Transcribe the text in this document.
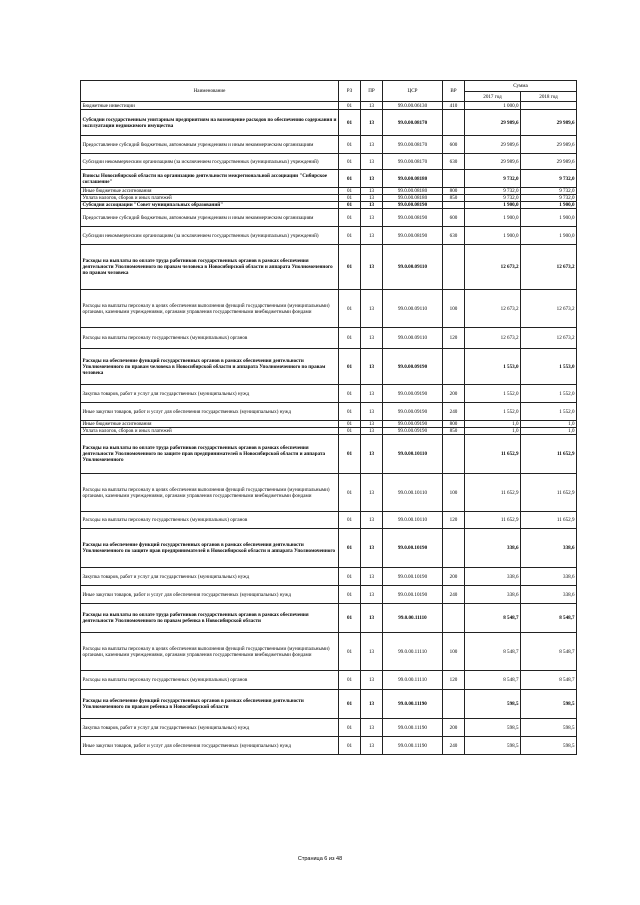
Наименование	РЗ	ПР	ЦСР	ВР	Сумма	
					2017 год	2018 год
Бюджетные инвестиции	01	13	99.0.00.06130	410	1 000,0	
Субсидии государственным унитарным предприятиям на возмещение расходов по обеспечению содержания и эксплуатации недвижимого имущества	01	13	99.0.00.08170		29 989,6	29 989,6
Предоставление субсидий бюджетным, автономным учреждениям и иным некоммерческим организациям	01	13	99.0.00.08170	600	29 989,6	29 989,6
Субсидии некоммерческим организациям (за исключением государственных (муниципальных) учреждений)	01	13	99.0.00.08170	630	29 989,6	29 989,6
Взносы Новосибирской области на организацию деятельности межрегиональной ассоциации "Сибирское соглашение"	01	13	99.0.00.08180		9 732,0	9 732,0
Иные бюджетные ассигнования	01	13	99.0.00.08180	800	9 732,0	9 732,0
Уплата налогов, сборов и иных платежей	01	13	99.0.00.08180	850	9 732,0	9 732,0
Субсидия ассоциации "Совет муниципальных образований"	01	13	99.0.00.08190		1 900,0	1 900,0
Предоставление субсидий бюджетным, автономным учреждениям и иным некоммерческим организациям	01	13	99.0.00.08190	600	1 900,0	1 900,0
Субсидии некоммерческим организациям (за исключением государственных (муниципальных) учреждений)	01	13	99.0.00.08190	630	1 900,0	1 900,0
Расходы на выплаты по оплате труда работников государственных органов в рамках обеспечения деятельности Уполномоченного по правам человека в Новосибирской области и аппарата Уполномоченного по правам человека	01	13	99.0.00.09110		12 673,2	12 673,2
Расходы на выплаты персоналу в целях обеспечения выполнения функций государственными (муниципальными) органами, казенными учреждениями, органами управления государственными внебюджетными фондами	01	13	99.0.00.09110	100	12 673,2	12 673,2
Расходы на выплаты персоналу государственных (муниципальных) органов	01	13	99.0.00.09110	120	12 673,2	12 673,2
Расходы на обеспечение функций государственных органов в рамках обеспечения деятельности Уполномоченного по правам человека в Новосибирской области и аппарата Уполномоченного по правам человека	01	13	99.0.00.09190		1 553,0	1 553,0
Закупка товаров, работ и услуг для государственных (муниципальных) нужд	01	13	99.0.00.09190	200	1 552,0	1 552,0
Иные закупки товаров, работ и услуг для обеспечения государственных (муниципальных) нужд	01	13	99.0.00.09190	240	1 552,0	1 552,0
Иные бюджетные ассигнования	01	13	99.0.00.09190	800	1,0	1,0
Уплата налогов, сборов и иных платежей	01	13	99.0.00.09190	850	1,0	1,0
Расходы на выплаты по оплате труда работников государственных органов в рамках обеспечения деятельности Уполномоченного по защите прав предпринимателей в Новосибирской области и аппарата Уполномоченного	01	13	99.0.00.10110		11 652,9	11 652,9
Расходы на выплаты персоналу в целях обеспечения выполнения функций государственными (муниципальными) органами, казенными учреждениями, органами управления государственными внебюджетными фондами	01	13	99.0.00.10110	100	11 652,9	11 652,9
Расходы на выплаты персоналу государственных (муниципальных) органов	01	13	99.0.00.10110	120	11 652,9	11 652,9
Расходы на обеспечение функций государственных органов в рамках обеспечения деятельности Уполномоченного по защите прав предпринимателей в Новосибирской области и аппарата Уполномоченного	01	13	99.0.00.10190		338,6	338,6
Закупка товаров, работ и услуг для государственных (муниципальных) нужд	01	13	99.0.00.10190	200	338,6	338,6
Иные закупки товаров, работ и услуг для обеспечения государственных (муниципальных) нужд	01	13	99.0.00.10190	240	338,6	338,6
Расходы на выплаты по оплате труда работников государственных органов в рамках обеспечения деятельности Уполномоченного по правам ребенка в Новосибирской области	01	13	99.0.00.11110		8 548,7	8 548,7
Расходы на выплаты персоналу в целях обеспечения выполнения функций государственными (муниципальными) органами, казенными учреждениями, органами управления государственными внебюджетными фондами	01	13	99.0.00.11110	100	8 548,7	8 548,7
Расходы на выплаты персоналу государственных (муниципальных) органов	01	13	99.0.00.11110	120	8 548,7	8 548,7
Расходы на обеспечение функций государственных органов в рамках обеспечения деятельности Уполномоченного по правам ребенка в Новосибирской области	01	13	99.0.00.11190		598,5	598,5
Закупка товаров, работ и услуг для государственных (муниципальных) нужд	01	13	99.0.00.11190	200	598,5	598,5
Иные закупки товаров, работ и услуг для обеспечения государственных (муниципальных) нужд	01	13	99.0.00.11190	240	598,5	598,5
Страница 6 из 48
